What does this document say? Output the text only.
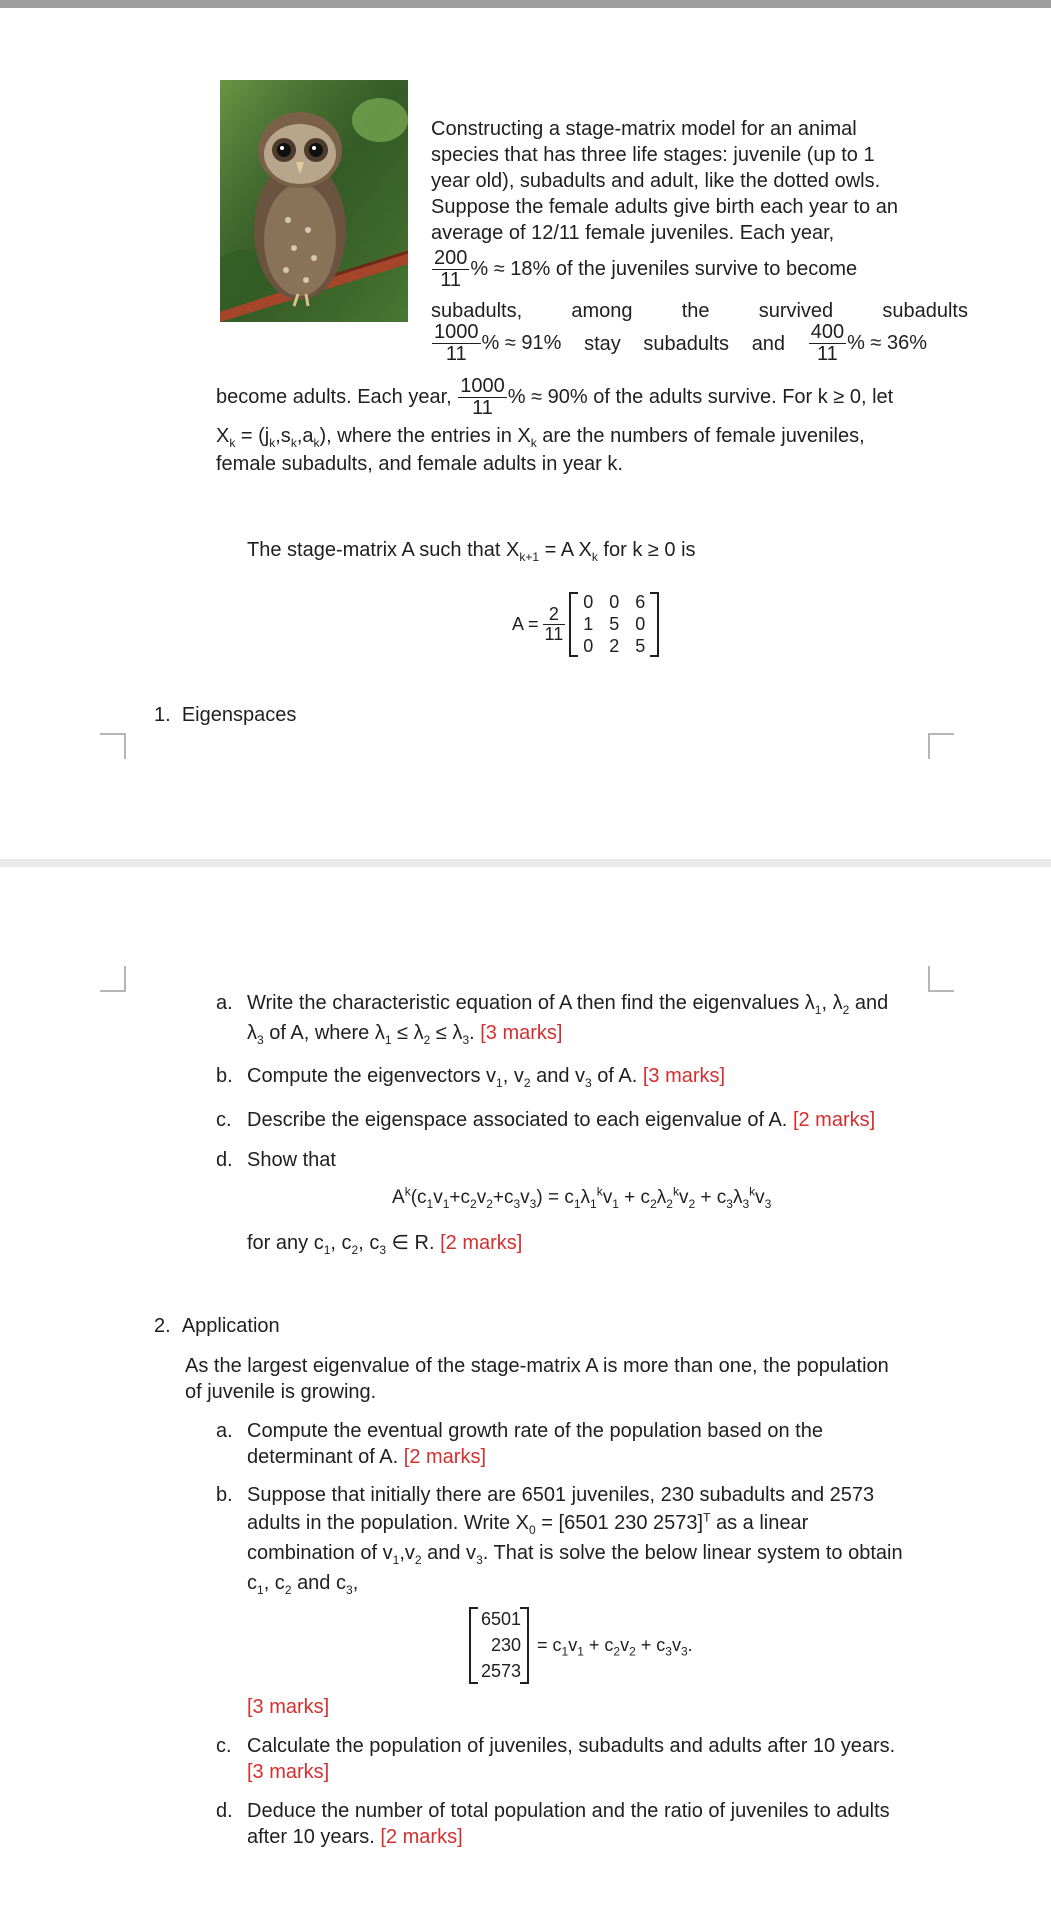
Constructing a stage-matrix model for an animal
species that has three life stages: juvenile (up to 1
year old), subadults and adult, like the dotted owls.
Suppose the female adults give birth each year to an
average of 12/11 female juveniles. Each year,
$\frac{200}{11}$ % ≈ 18% of the juveniles survive to become
subadults, among the survived subadults
$\frac{1000}{11}$ % ≈ 91% stay subadults and $\frac{400}{11}$ % ≈ 36%
become adults. Each year, $\frac{1000}{11}$ % ≈ 90% of the adults survive. For k ≥ 0, let
$X_k = (j_k,s_k,a_k)$, where the entries in $X_k$ are the numbers of female juveniles,
female subadults, and female adults in year k.
The stage-matrix A such that $X_{k+1} = A$ $X_k$ for k ≥ 0 is
$A = \frac{2}{11}$
0 0 6
1 5 0
0 2 5
1. Eigenspaces
a. Write the characteristic equation of A then find the eigenvalues $\lambda_1$, $\lambda_2$ and
$\lambda_3$ of A, where $\lambda_1 \le \lambda_2 \le \lambda_3$. [3 marks]
b. Compute the eigenvectors $v_1$, $v_2$ and $v_3$ of A. [3 marks]
c. Describe the eigenspace associated to each eigenvalue of A. [2 marks]
d. Show that
$A^k(c_1v_1+c_2v_2+c_3v_3) = c_1\lambda_1^kv_1 + c_2\lambda_2^kv_2 + c_3\lambda_3^kv_3$
for any $c_1$, $c_2$, $c_3$ ∈ R. [2 marks]
2. Application
As the largest eigenvalue of the stage-matrix A is more than one, the population
of juvenile is growing.
a. Compute the eventual growth rate of the population based on the
determinant of A. [2 marks]
b. Suppose that initially there are 6501 juveniles, 230 subadults and 2573
adults in the population. Write $X_0 = [6501$ 230 2573]$^T$ as a linear
combination of $v_1,v_2$ and $v_3$. That is solve the below linear system to obtain
$c_1$, $c_2$ and $c_3$,
6501
230
2573
= $c_1v_1 + c_2v_2 + c_3v_3$.
[3 marks]
c. Calculate the population of juveniles, subadults and adults after 10 years.
[3 marks]
d. Deduce the number of total population and the ratio of juveniles to adults
after 10 years. [2 marks]
